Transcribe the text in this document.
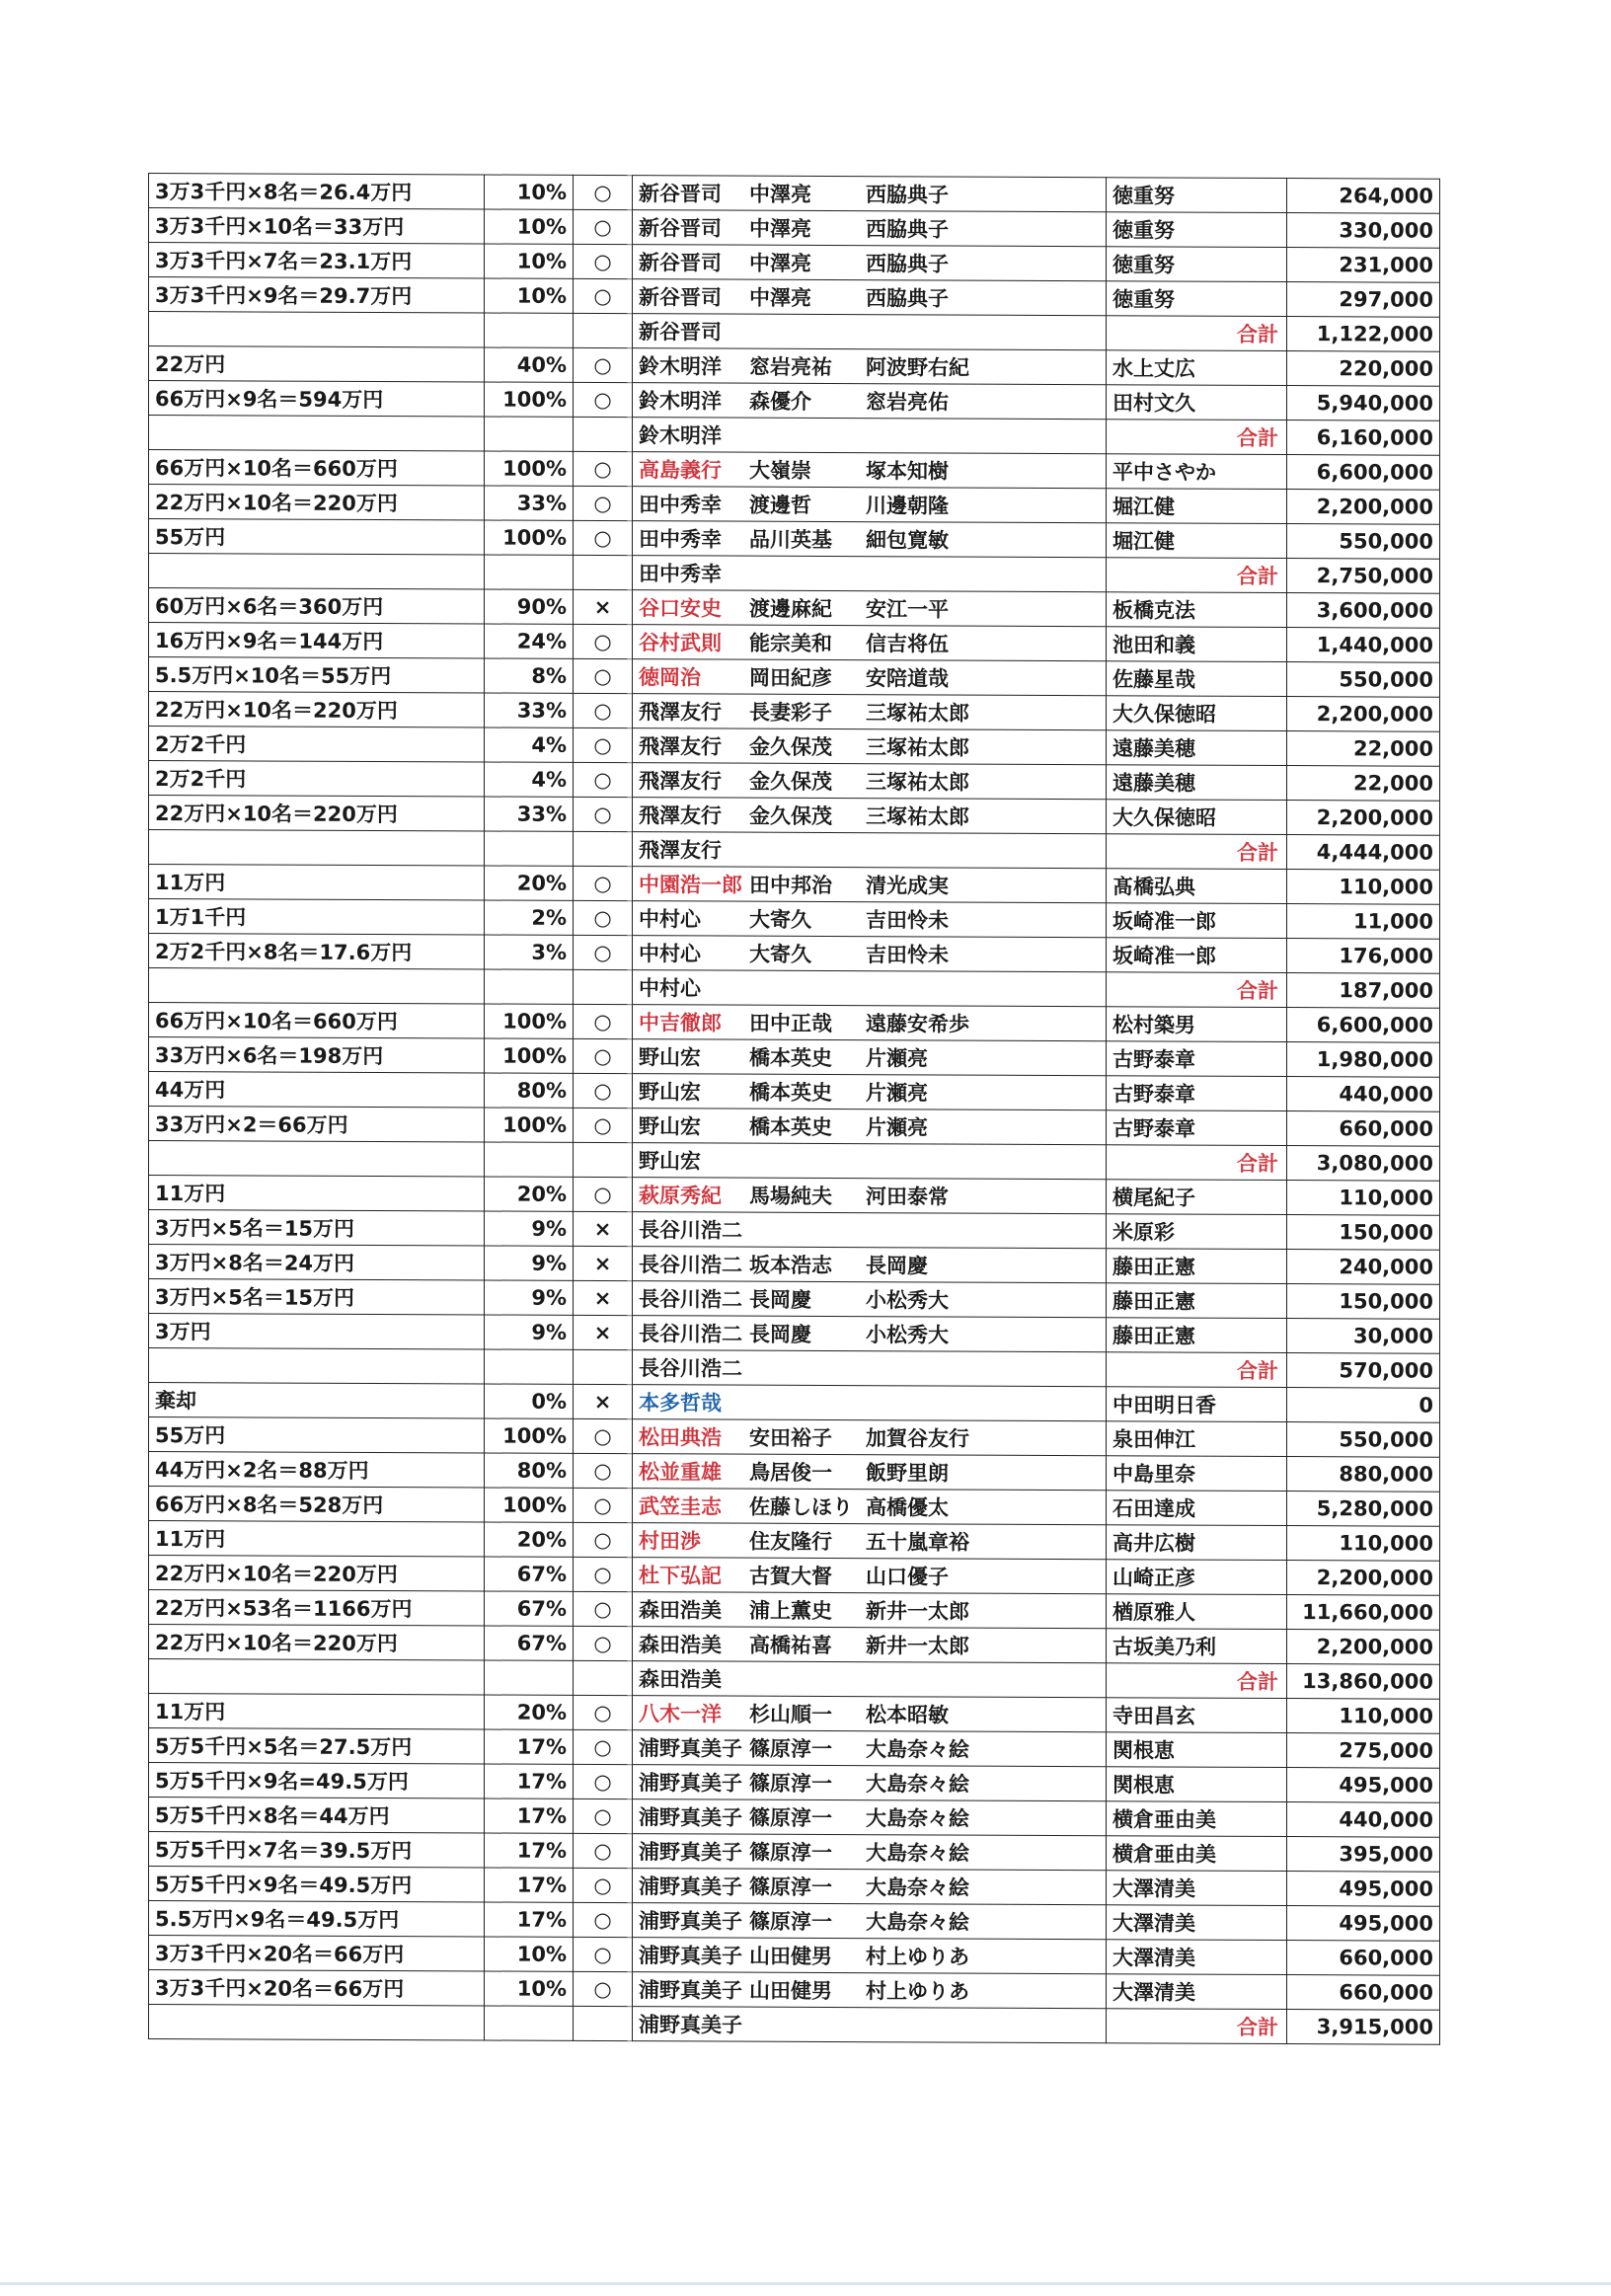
3万3千円×8名＝26.4万円	10%	○	新谷晋司 中澤亮 西脇典子	徳重努	264,000
3万3千円×10名＝33万円	10%	○	新谷晋司 中澤亮 西脇典子	徳重努	330,000
3万3千円×7名＝23.1万円	10%	○	新谷晋司 中澤亮 西脇典子	徳重努	231,000
3万3千円×9名＝29.7万円	10%	○	新谷晋司 中澤亮 西脇典子	徳重努	297,000
			新谷晋司	合計	1,122,000
22万円	40%	○	鈴木明洋 窓岩亮祐 阿波野右紀	水上丈広	220,000
66万円×9名＝594万円	100%	○	鈴木明洋 森優介 窓岩亮佑	田村文久	5,940,000
			鈴木明洋	合計	6,160,000
66万円×10名＝660万円	100%	○	高島義行 大嶺崇 塚本知樹	平中さやか	6,600,000
22万円×10名＝220万円	33%	○	田中秀幸 渡邊哲 川邊朝隆	堀江健	2,200,000
55万円	100%	○	田中秀幸 品川英基 細包寛敏	堀江健	550,000
			田中秀幸	合計	2,750,000
60万円×6名＝360万円	90%	×	谷口安史 渡邊麻紀 安江一平	板橋克法	3,600,000
16万円×9名＝144万円	24%	○	谷村武則 能宗美和 信吉将伍	池田和義	1,440,000
5.5万円×10名＝55万円	8%	○	徳岡治 岡田紀彦 安陪道哉	佐藤星哉	550,000
22万円×10名＝220万円	33%	○	飛澤友行 長妻彩子 三塚祐太郎	大久保徳昭	2,200,000
2万2千円	4%	○	飛澤友行 金久保茂 三塚祐太郎	遠藤美穂	22,000
2万2千円	4%	○	飛澤友行 金久保茂 三塚祐太郎	遠藤美穂	22,000
22万円×10名＝220万円	33%	○	飛澤友行 金久保茂 三塚祐太郎	大久保徳昭	2,200,000
			飛澤友行	合計	4,444,000
11万円	20%	○	中園浩一郎 田中邦治 清光成実	髙橋弘典	110,000
1万1千円	2%	○	中村心 大寄久 吉田怜未	坂崎准一郎	11,000
2万2千円×8名＝17.6万円	3%	○	中村心 大寄久 吉田怜未	坂崎准一郎	176,000
			中村心	合計	187,000
66万円×10名＝660万円	100%	○	中吉徹郎 田中正哉 遠藤安希歩	松村築男	6,600,000
33万円×6名＝198万円	100%	○	野山宏 橋本英史 片瀬亮	古野泰章	1,980,000
44万円	80%	○	野山宏 橋本英史 片瀬亮	古野泰章	440,000
33万円×2＝66万円	100%	○	野山宏 橋本英史 片瀬亮	古野泰章	660,000
			野山宏	合計	3,080,000
11万円	20%	○	萩原秀紀 馬場純夫 河田泰常	横尾紀子	110,000
3万円×5名＝15万円	9%	×	長谷川浩二	米原彩	150,000
3万円×8名＝24万円	9%	×	長谷川浩二 坂本浩志 長岡慶	藤田正憲	240,000
3万円×5名＝15万円	9%	×	長谷川浩二 長岡慶 小松秀大	藤田正憲	150,000
3万円	9%	×	長谷川浩二 長岡慶 小松秀大	藤田正憲	30,000
			長谷川浩二	合計	570,000
棄却	0%	×	本多哲哉	中田明日香	0
55万円	100%	○	松田典浩 安田裕子 加賀谷友行	泉田伸江	550,000
44万円×2名＝88万円	80%	○	松並重雄 鳥居俊一 飯野里朗	中島里奈	880,000
66万円×8名＝528万円	100%	○	武笠圭志 佐藤しほり 高橋優太	石田達成	5,280,000
11万円	20%	○	村田渉 住友隆行 五十嵐章裕	高井広樹	110,000
22万円×10名＝220万円	67%	○	杜下弘記 古賀大督 山口優子	山崎正彦	2,200,000
22万円×53名＝1166万円	67%	○	森田浩美 浦上薫史 新井一太郎	楢原雅人	11,660,000
22万円×10名＝220万円	67%	○	森田浩美 高橋祐喜 新井一太郎	古坂美乃利	2,200,000
			森田浩美	合計	13,860,000
11万円	20%	○	八木一洋 杉山順一 松本昭敏	寺田昌玄	110,000
5万5千円×5名＝27.5万円	17%	○	浦野真美子 篠原淳一 大島奈々絵	関根恵	275,000
5万5千円×9名=49.5万円	17%	○	浦野真美子 篠原淳一 大島奈々絵	関根恵	495,000
5万5千円×8名＝44万円	17%	○	浦野真美子 篠原淳一 大島奈々絵	横倉亜由美	440,000
5万5千円×7名＝39.5万円	17%	○	浦野真美子 篠原淳一 大島奈々絵	横倉亜由美	395,000
5万5千円×9名＝49.5万円	17%	○	浦野真美子 篠原淳一 大島奈々絵	大澤清美	495,000
5.5万円×9名＝49.5万円	17%	○	浦野真美子 篠原淳一 大島奈々絵	大澤清美	495,000
3万3千円×20名＝66万円	10%	○	浦野真美子 山田健男 村上ゆりあ	大澤清美	660,000
3万3千円×20名＝66万円	10%	○	浦野真美子 山田健男 村上ゆりあ	大澤清美	660,000
			浦野真美子	合計	3,915,000
